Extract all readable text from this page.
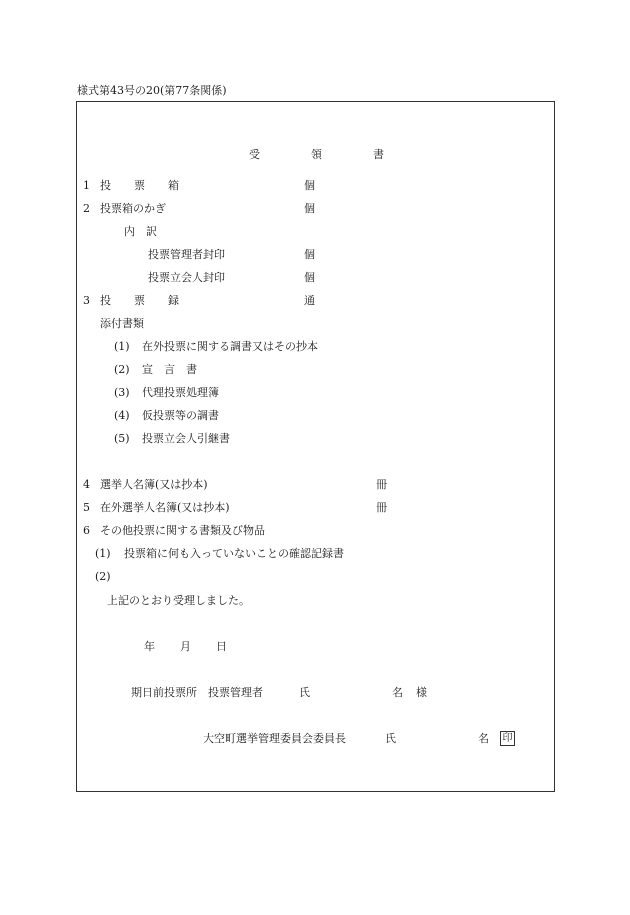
様式第43号の20(第77条関係)
受　領　書
1 投　票　箱	個
2 投票箱のかぎ	個
内　訳
投票管理者封印	個
投票立会人封印	個
3 投　票　録	通
添付書類
(1) 在外投票に関する調書又はその抄本
(2) 宣　言　書
(3) 代理投票処理簿
(4) 仮投票等の調書
(5) 投票立会人引継書
4 選挙人名簿(又は抄本)	冊
5 在外選挙人名簿(又は抄本)	冊
6 その他投票に関する書類及び物品
(1) 投票箱に何も入っていないことの確認記録書
(2)
上記のとおり受理しました。
年 月 日
期日前投票所　投票管理者	氏	名 様
大空町選挙管理委員会委員長	氏	名 印
